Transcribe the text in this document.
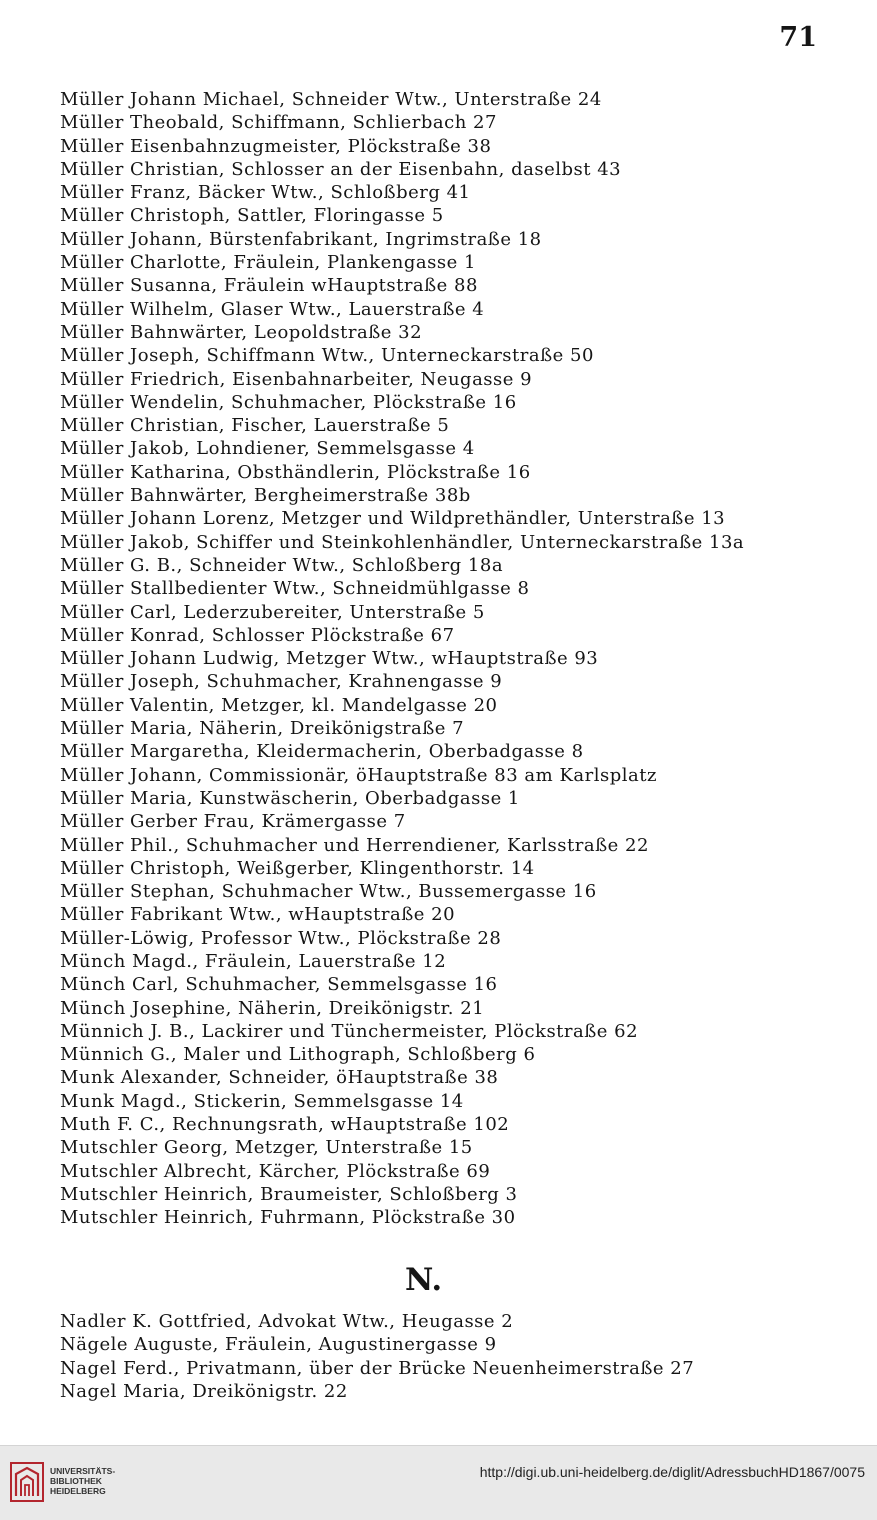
71
Müller Johann Michael, Schneider Wtw., Unterstraße 24
Müller Theobald, Schiffmann, Schlierbach 27
Müller Eisenbahnzugmeister, Plöckstraße 38
Müller Christian, Schlosser an der Eisenbahn, daselbst 43
Müller Franz, Bäcker Wtw., Schloßberg 41
Müller Christoph, Sattler, Floringasse 5
Müller Johann, Bürstenfabrikant, Ingrimstraße 18
Müller Charlotte, Fräulein, Plankengasse 1
Müller Susanna, Fräulein wHauptstraße 88
Müller Wilhelm, Glaser Wtw., Lauerstraße 4
Müller Bahnwärter, Leopoldstraße 32
Müller Joseph, Schiffmann Wtw., Unterneckarstraße 50
Müller Friedrich, Eisenbahnarbeiter, Neugasse 9
Müller Wendelin, Schuhmacher, Plöckstraße 16
Müller Christian, Fischer, Lauerstraße 5
Müller Jakob, Lohndiener, Semmelsgasse 4
Müller Katharina, Obsthändlerin, Plöckstraße 16
Müller Bahnwärter, Bergheimerstraße 38b
Müller Johann Lorenz, Metzger und Wildprethändler, Unterstraße 13
Müller Jakob, Schiffer und Steinkohlenhändler, Unterneckarstraße 13a
Müller G. B., Schneider Wtw., Schloßberg 18a
Müller Stallbedienter Wtw., Schneidmühlgasse 8
Müller Carl, Lederzubereiter, Unterstraße 5
Müller Konrad, Schlosser Plöckstraße 67
Müller Johann Ludwig, Metzger Wtw., wHauptstraße 93
Müller Joseph, Schuhmacher, Krahnengasse 9
Müller Valentin, Metzger, kl. Mandelgasse 20
Müller Maria, Näherin, Dreikönigstraße 7
Müller Margaretha, Kleidermacherin, Oberbadgasse 8
Müller Johann, Commissionär, öHauptstraße 83 am Karlsplatz
Müller Maria, Kunstwäscherin, Oberbadgasse 1
Müller Gerber Frau, Krämergasse 7
Müller Phil., Schuhmacher und Herrendiener, Karlsstraße 22
Müller Christoph, Weißgerber, Klingenthorstr. 14
Müller Stephan, Schuhmacher Wtw., Bussemergasse 16
Müller Fabrikant Wtw., wHauptstraße 20
Müller-Löwig, Professor Wtw., Plöckstraße 28
Münch Magd., Fräulein, Lauerstraße 12
Münch Carl, Schuhmacher, Semmelsgasse 16
Münch Josephine, Näherin, Dreikönigstr. 21
Münnich J. B., Lackirer und Tünchermeister, Plöckstraße 62
Münnich G., Maler und Lithograph, Schloßberg 6
Munk Alexander, Schneider, öHauptstraße 38
Munk Magd., Stickerin, Semmelsgasse 14
Muth F. C., Rechnungsrath, wHauptstraße 102
Mutschler Georg, Metzger, Unterstraße 15
Mutschler Albrecht, Kärcher, Plöckstraße 69
Mutschler Heinrich, Braumeister, Schloßberg 3
Mutschler Heinrich, Fuhrmann, Plöckstraße 30
N.
Nadler K. Gottfried, Advokat Wtw., Heugasse 2
Nägele Auguste, Fräulein, Augustinergasse 9
Nagel Ferd., Privatmann, über der Brücke Neuenheimerstraße 27
Nagel Maria, Dreikönigstr. 22
UNIVERSITÄTS-
BIBLIOTHEK
HEIDELBERG
http://digi.ub.uni-heidelberg.de/diglit/AdressbuchHD1867/0075
